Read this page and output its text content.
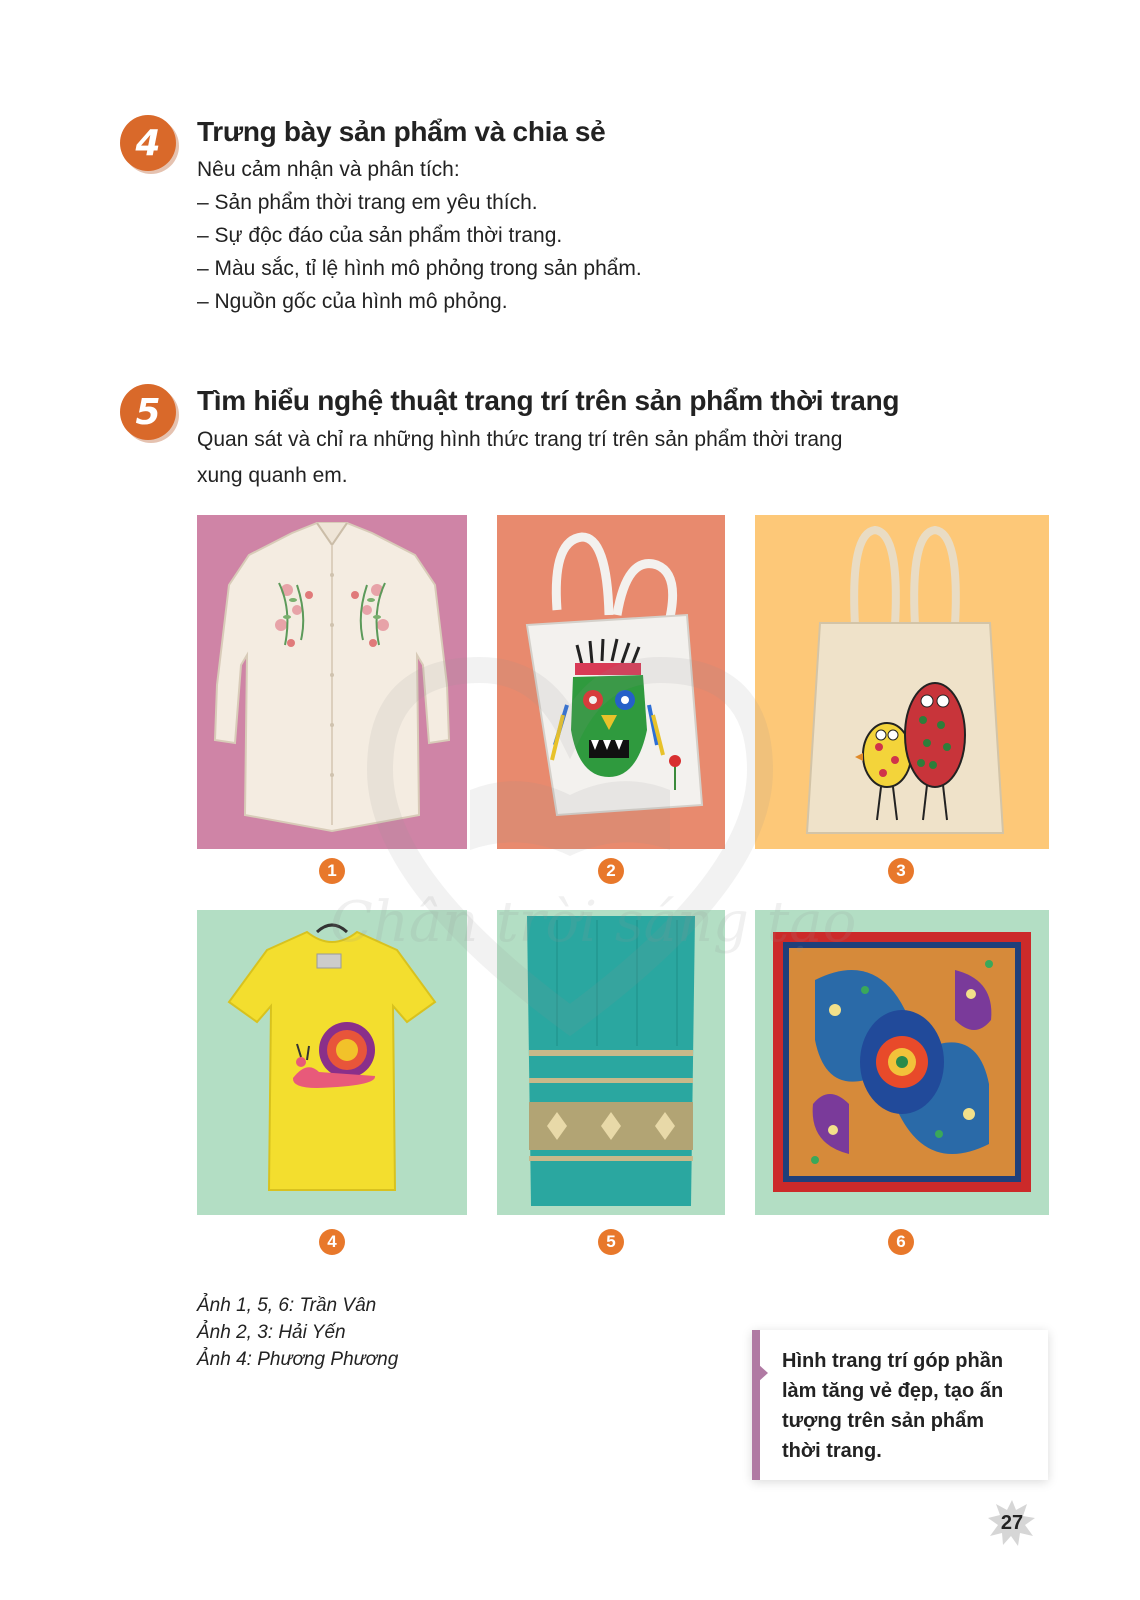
4	Trưng bày sản phẩm và chia sẻ
Nêu cảm nhận và phân tích:
– Sản phẩm thời trang em yêu thích.
– Sự độc đáo của sản phẩm thời trang.
– Màu sắc, tỉ lệ hình mô phỏng trong sản phẩm.
– Nguồn gốc của hình mô phỏng.
5	Tìm hiểu nghệ thuật trang trí trên sản phẩm thời trang
Quan sát và chỉ ra những hình thức trang trí trên sản phẩm thời trang
xung quanh em.
1	2	3
4	5	6
Ảnh 1, 5, 6: Trần Vân
Ảnh 2, 3: Hải Yến
Ảnh 4: Phương Phương	Hình trang trí góp phần
làm tăng vẻ đẹp, tạo ấn
tượng trên sản phẩm
thời trang.
27
